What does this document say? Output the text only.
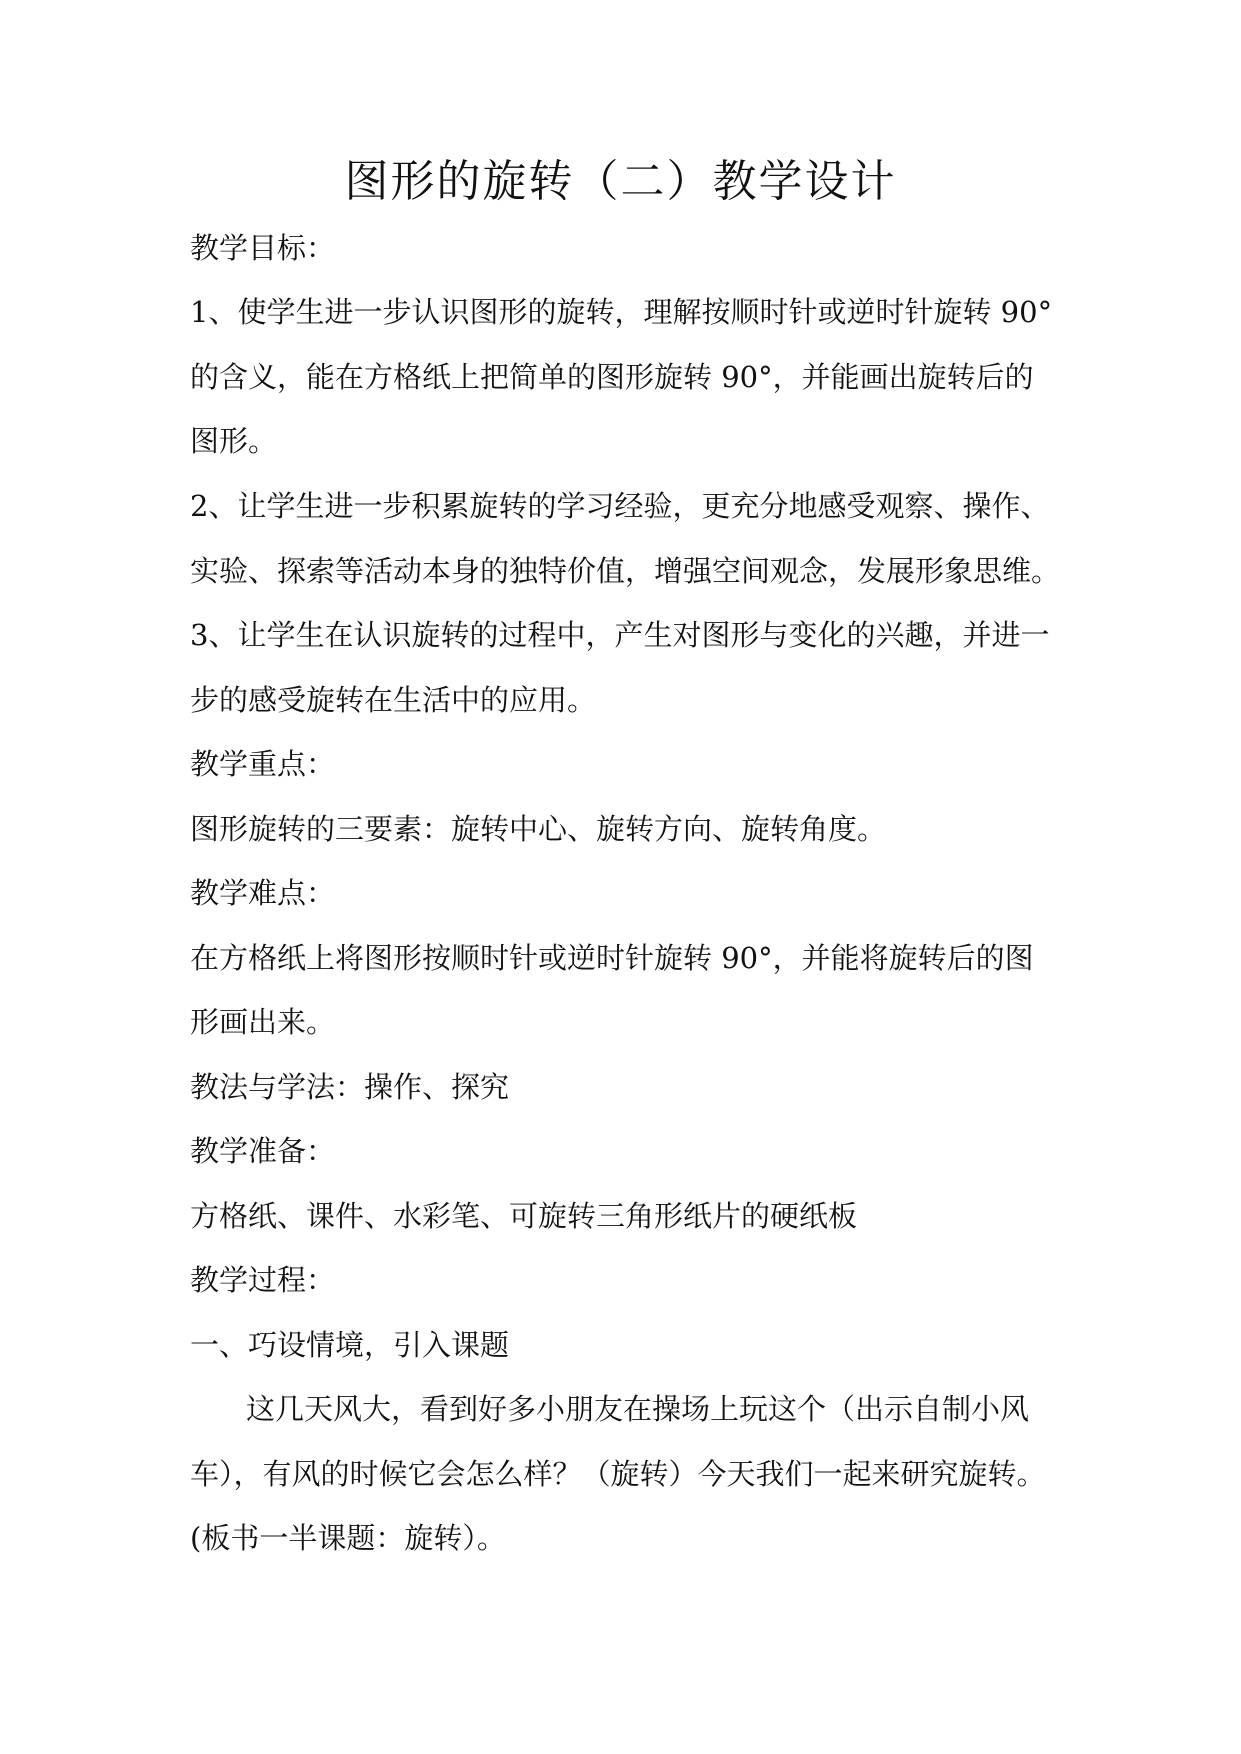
图形的旋转（二）教学设计

教学目标：

1、使学生进一步认识图形的旋转，理解按顺时针或逆时针旋转 90°

的含义，能在方格纸上把简单的图形旋转 90°，并能画出旋转后的

图形。

2、让学生进一步积累旋转的学习经验，更充分地感受观察、操作、

实验、探索等活动本身的独特价值，增强空间观念，发展形象思维。

3、让学生在认识旋转的过程中，产生对图形与变化的兴趣，并进一

步的感受旋转在生活中的应用。

教学重点：

图形旋转的三要素：旋转中心、旋转方向、旋转角度。

教学难点：

在方格纸上将图形按顺时针或逆时针旋转 90°，并能将旋转后的图

形画出来。

教法与学法：操作、探究

教学准备：

方格纸、课件、水彩笔、可旋转三角形纸片的硬纸板

教学过程：

一、巧设情境，引入课题

这几天风大，看到好多小朋友在操场上玩这个（出示自制小风

车），有风的时候它会怎么样？（旋转）今天我们一起来研究旋转。

(板书一半课题：旋转）。
